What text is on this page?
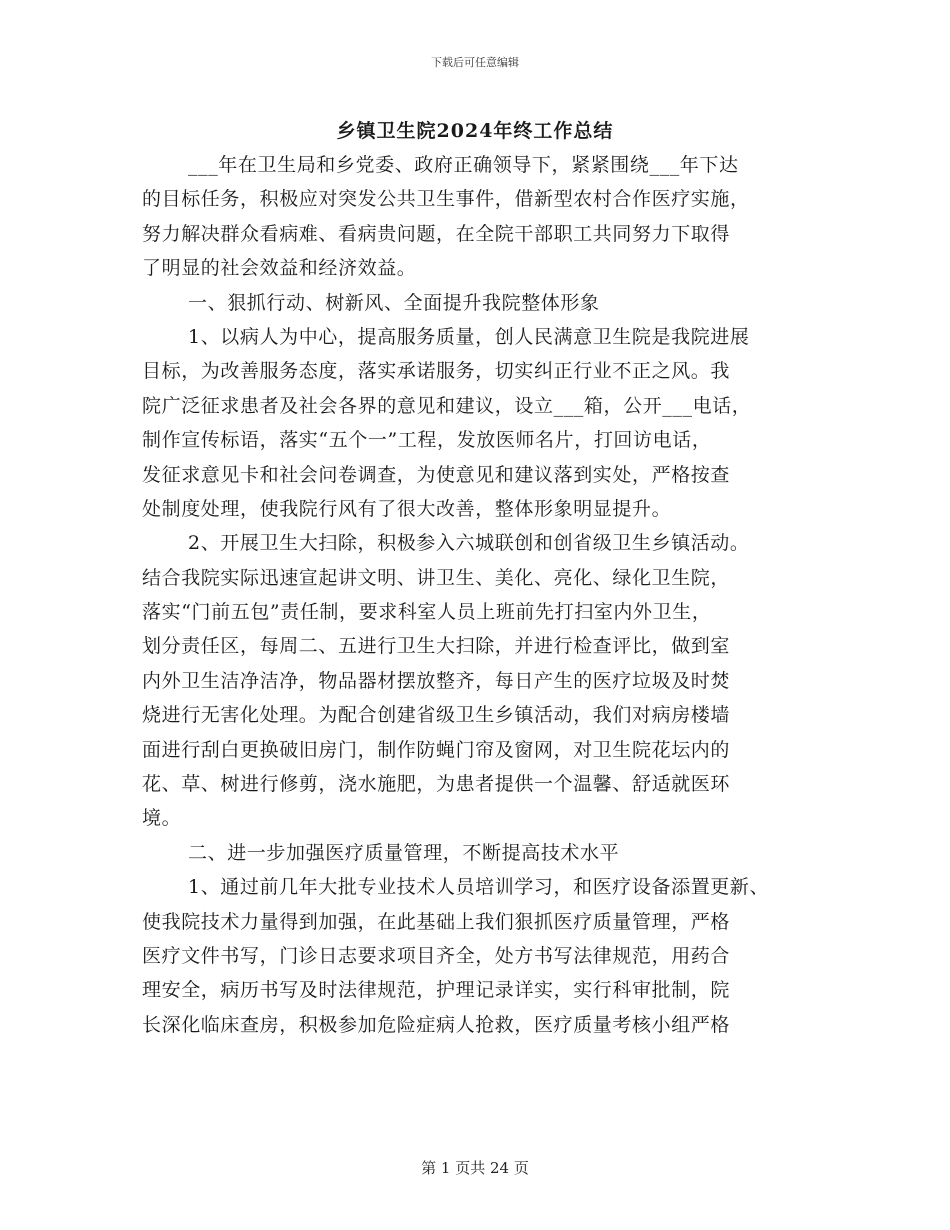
下载后可任意编辑
乡镇卫生院2024年终工作总结
___年在卫生局和乡党委、政府正确领导下，紧紧围绕___年下达
的目标任务，积极应对突发公共卫生事件，借新型农村合作医疗实施，
努力解决群众看病难、看病贵问题，在全院干部职工共同努力下取得
了明显的社会效益和经济效益。
一、狠抓行动、树新风、全面提升我院整体形象
1、以病人为中心，提高服务质量，创人民满意卫生院是我院进展
目标，为改善服务态度，落实承诺服务，切实纠正行业不正之风。我
院广泛征求患者及社会各界的意见和建议，设立___箱，公开___电话，
制作宣传标语，落实“五个一”工程，发放医师名片，打回访电话，
发征求意见卡和社会问卷调查，为使意见和建议落到实处，严格按查
处制度处理，使我院行风有了很大改善，整体形象明显提升。
2、开展卫生大扫除，积极参入六城联创和创省级卫生乡镇活动。
结合我院实际迅速宣起讲文明、讲卫生、美化、亮化、绿化卫生院，
落实“门前五包”责任制，要求科室人员上班前先打扫室内外卫生，
划分责任区，每周二、五进行卫生大扫除，并进行检查评比，做到室
内外卫生洁净洁净，物品器材摆放整齐，每日产生的医疗垃圾及时焚
烧进行无害化处理。为配合创建省级卫生乡镇活动，我们对病房楼墙
面进行刮白更换破旧房门，制作防蝇门帘及窗网，对卫生院花坛内的
花、草、树进行修剪，浇水施肥，为患者提供一个温馨、舒适就医环
境。
二、进一步加强医疗质量管理，不断提高技术水平
1、通过前几年大批专业技术人员培训学习，和医疗设备添置更新、
使我院技术力量得到加强，在此基础上我们狠抓医疗质量管理，严格
医疗文件书写，门诊日志要求项目齐全，处方书写法律规范，用药合
理安全，病历书写及时法律规范，护理记录详实，实行科审批制，院
长深化临床查房，积极参加危险症病人抢救，医疗质量考核小组严格
第 1 页共 24 页
